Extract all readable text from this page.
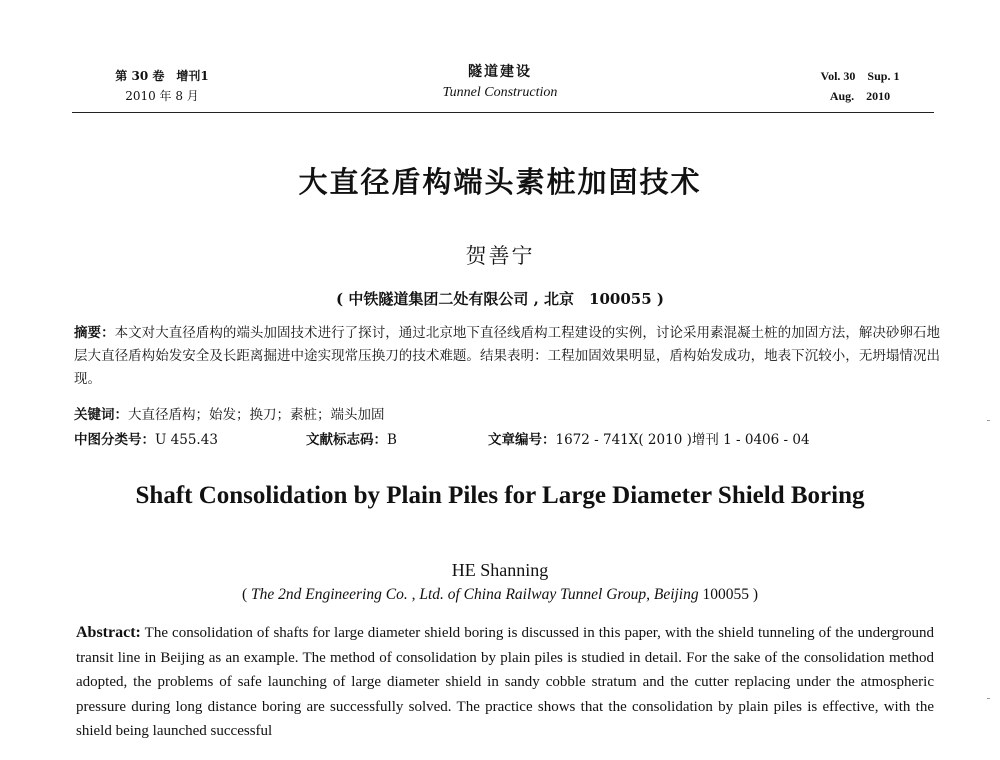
第 30 卷　增刊1
2010 年 8 月
隧道建设
Tunnel Construction
Vol. 30　Sup. 1
Aug.　2010
大直径盾构端头素桩加固技术
贺善宁
( 中铁隧道集团二处有限公司 , 北京　100055 )
摘要：本文对大直径盾构的端头加固技术进行了探讨，通过北京地下直径线盾构工程建设的实例，讨论采用素混凝土桩的加固方法，解决砂卵石地层大直径盾构始发安全及长距离掘进中途实现常压换刀的技术难题。结果表明：工程加固效果明显，盾构始发成功，地表下沉较小，无坍塌情况出现。
关键词：大直径盾构；始发；换刀；素桩；端头加固
中图分类号：U 455.43	文献标志码：B	文章编号：1672 - 741X( 2010 )增刊 1 - 0406 - 04
Shaft Consolidation by Plain Piles for Large Diameter Shield Boring
HE Shanning
( The 2nd Engineering Co. , Ltd. of China Railway Tunnel Group, Beijing 100055 )
Abstract: The consolidation of shafts for large diameter shield boring is discussed in this paper, with the shield tunneling of the underground transit line in Beijing as an example. The method of consolidation by plain piles is studied in detail. For the sake of the consolidation method adopted, the problems of safe launching of large diameter shield in sandy cobble stratum and the cutter replacing under the atmospheric pressure during long distance boring are successfully solved. The practice shows that the consolidation by plain piles is effective, with the shield being launched successful
